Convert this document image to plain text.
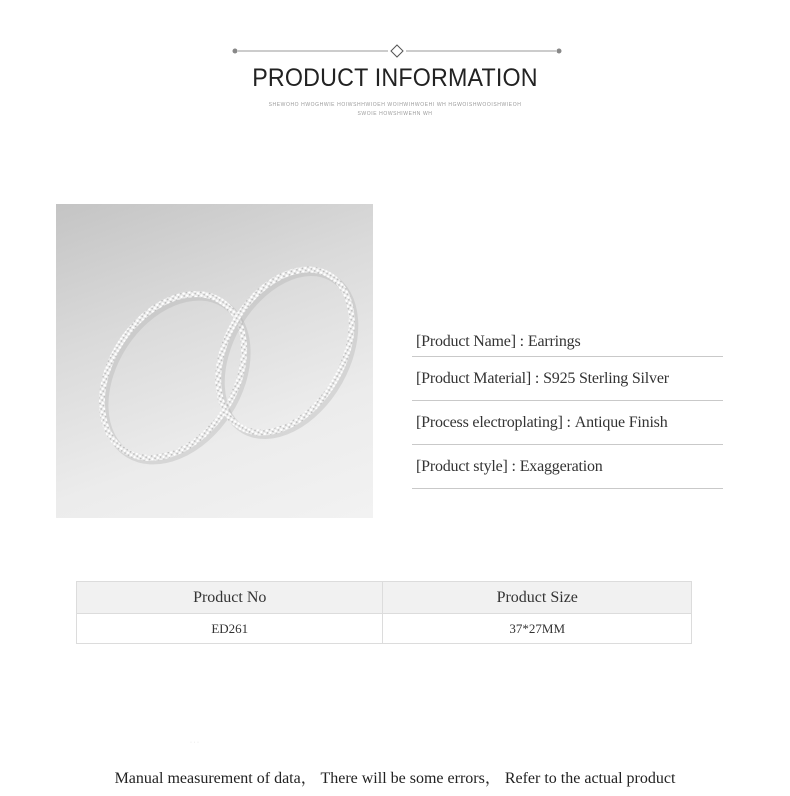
PRODUCT INFORMATION
SHEWOHO HWOGHWIE HOIWSHHWIOEH WOIHWIHWOEHI WH HGWOISHWOOISHWIEOH
SWOIE HOWSHIWEHN WH
[Product Name] : Earrings
[Product Material] : S925 Sterling Silver
[Process electroplating] : Antique Finish
[Product style] : Exaggeration
Product No	Product Size
ED261	37*27MM
· · ·

Manual measurement of data， There will be some errors， Refer to the actual product
